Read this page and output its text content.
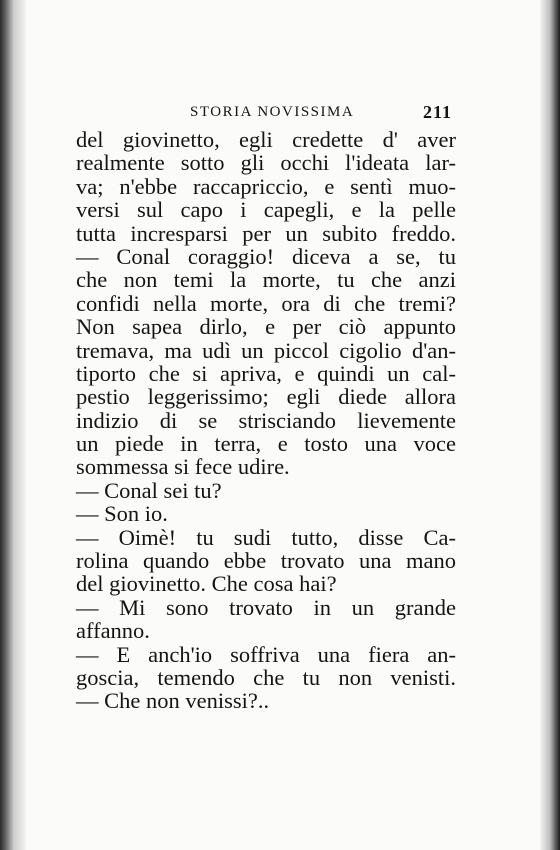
STORIA NOVISSIMA	211
del giovinetto, egli credette d' aver
realmente sotto gli occhi l'ideata lar-
va; n'ebbe raccapriccio, e sentì muo-
versi sul capo i capegli, e la pelle
tutta incresparsi per un subito freddo.
— Conal coraggio! diceva a se, tu
che non temi la morte, tu che anzi
confidi nella morte, ora di che tremi?
Non sapea dirlo, e per ciò appunto
tremava, ma udì un piccol cigolio d'an-
tiporto che si apriva, e quindi un cal-
pestio leggerissimo; egli diede allora
indizio di se strisciando lievemente
un piede in terra, e tosto una voce
sommessa si fece udire.
— Conal sei tu?
— Son io.
— Oimè! tu sudi tutto, disse Ca-
rolina quando ebbe trovato una mano
del giovinetto. Che cosa hai?
— Mi sono trovato in un grande
affanno.
— E anch'io soffriva una fiera an-
goscia, temendo che tu non venisti.
— Che non venissi?..
